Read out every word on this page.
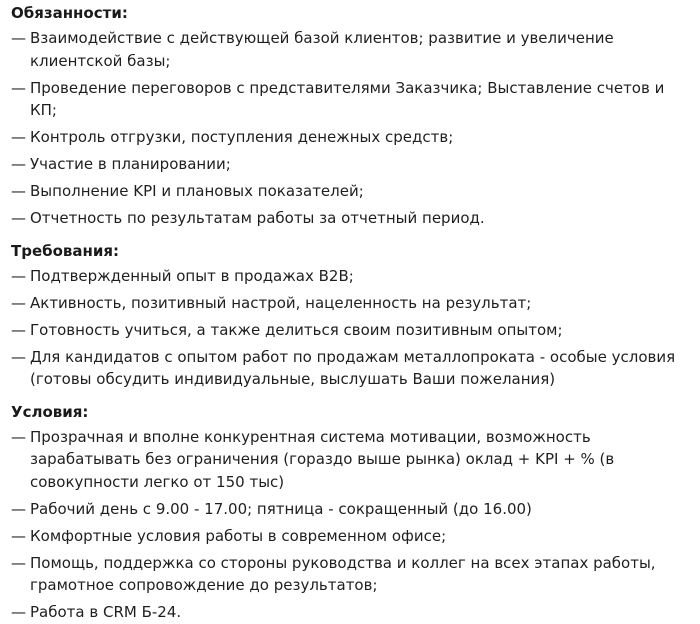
Обязанности:
— Взаимодействие с действующей базой клиентов; развитие и увеличение клиентской базы;
— Проведение переговоров с представителями Заказчика; Выставление счетов и КП;
— Контроль отгрузки, поступления денежных средств;
— Участие в планировании;
— Выполнение KPI и плановых показателей;
— Отчетность по результатам работы за отчетный период.
Требования:
— Подтвержденный опыт в продажах B2B;
— Активность, позитивный настрой, нацеленность на результат;
— Готовность учиться, а также делиться своим позитивным опытом;
— Для кандидатов с опытом работ по продажам металлопроката - особые условия (готовы обсудить индивидуальные, выслушать Ваши пожелания)
Условия:
— Прозрачная и вполне конкурентная система мотивации, возможность зарабатывать без ограничения (гораздо выше рынка) оклад + KPI + % (в совокупности легко от 150 тыс)
— Рабочий день с 9.00 - 17.00; пятница - сокращенный (до 16.00)
— Комфортные условия работы в современном офисе;
— Помощь, поддержка со стороны руководства и коллег на всех этапах работы, грамотное сопровождение до результатов;
— Работа в CRM Б-24.
